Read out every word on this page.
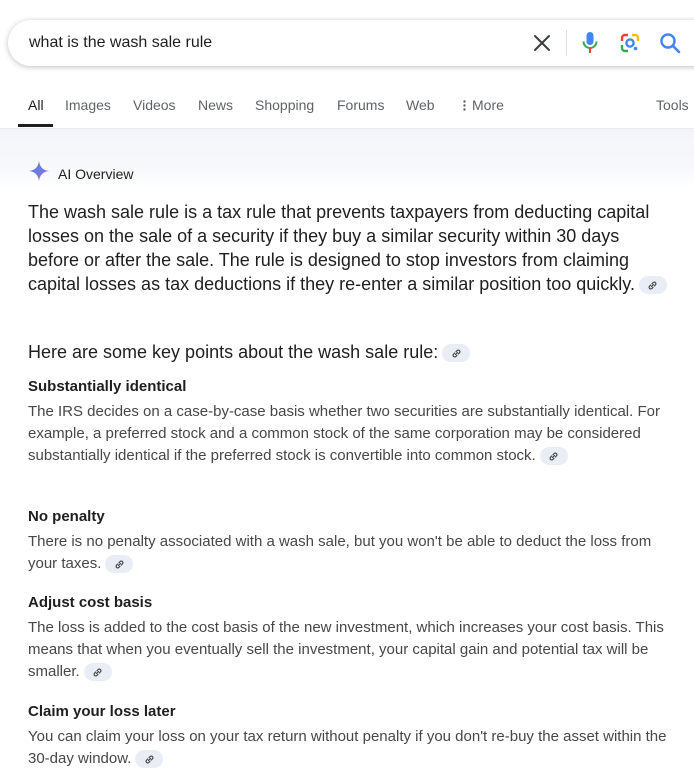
what is the wash sale rule
All Images Videos News Shopping Forums Web	More	Tools
AI Overview

The wash sale rule is a tax rule that prevents taxpayers from deducting capital losses on the sale of a security if they buy a similar security within 30 days before or after the sale. The rule is designed to stop investors from claiming capital losses as tax deductions if they re-enter a similar position too quickly.

Here are some key points about the wash sale rule:
Substantially identical

The IRS decides on a case-by-case basis whether two securities are substantially identical. For example, a preferred stock and a common stock of the same corporation may be considered substantially identical if the preferred stock is convertible into common stock.

No penalty

There is no penalty associated with a wash sale, but you won't be able to deduct the loss from your taxes.

Adjust cost basis

The loss is added to the cost basis of the new investment, which increases your cost basis. This means that when you eventually sell the investment, your capital gain and potential tax will be smaller.

Claim your loss later

You can claim your loss on your tax return without penalty if you don't re-buy the asset within the 30-day window.
